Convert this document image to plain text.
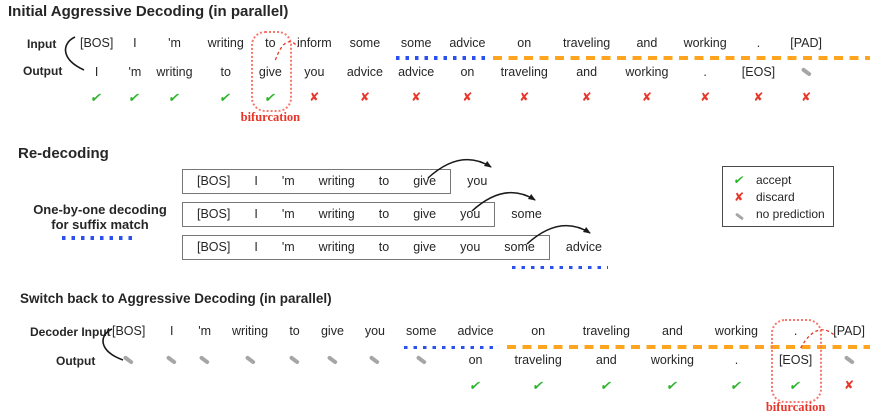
Initial Aggressive Decoding (in parallel)
Input
Output
[BOS]
I
✔
I
'm
✔
'm
writing
✔
writing
to
✔
to
give
✔
inform
you
✘
some
advice
✘
some
advice
✘
advice
on
✘
on
traveling
✘
traveling
and
✘
and
working
✘
working
.
✘
.
[EOS]
✘
[PAD]
✘
Re-decoding
One-by-one decoding
for suffix match
[BOS] I 'm writing to give you
[BOS] I 'm writing to give you some
[BOS] I 'm writing to give you some advice
✔ accept
✘ discard
no prediction
Switch back to Aggressive Decoding (in parallel)
Decoder Input
Output
[BOS]
I
'm
writing
to
give
you
some
advice
on
✔
on
traveling
✔
traveling
and
✔
and
working
✔
working
.
✔
.
[EOS]
✔
[PAD]
✘
bifurcation
bifurcation
